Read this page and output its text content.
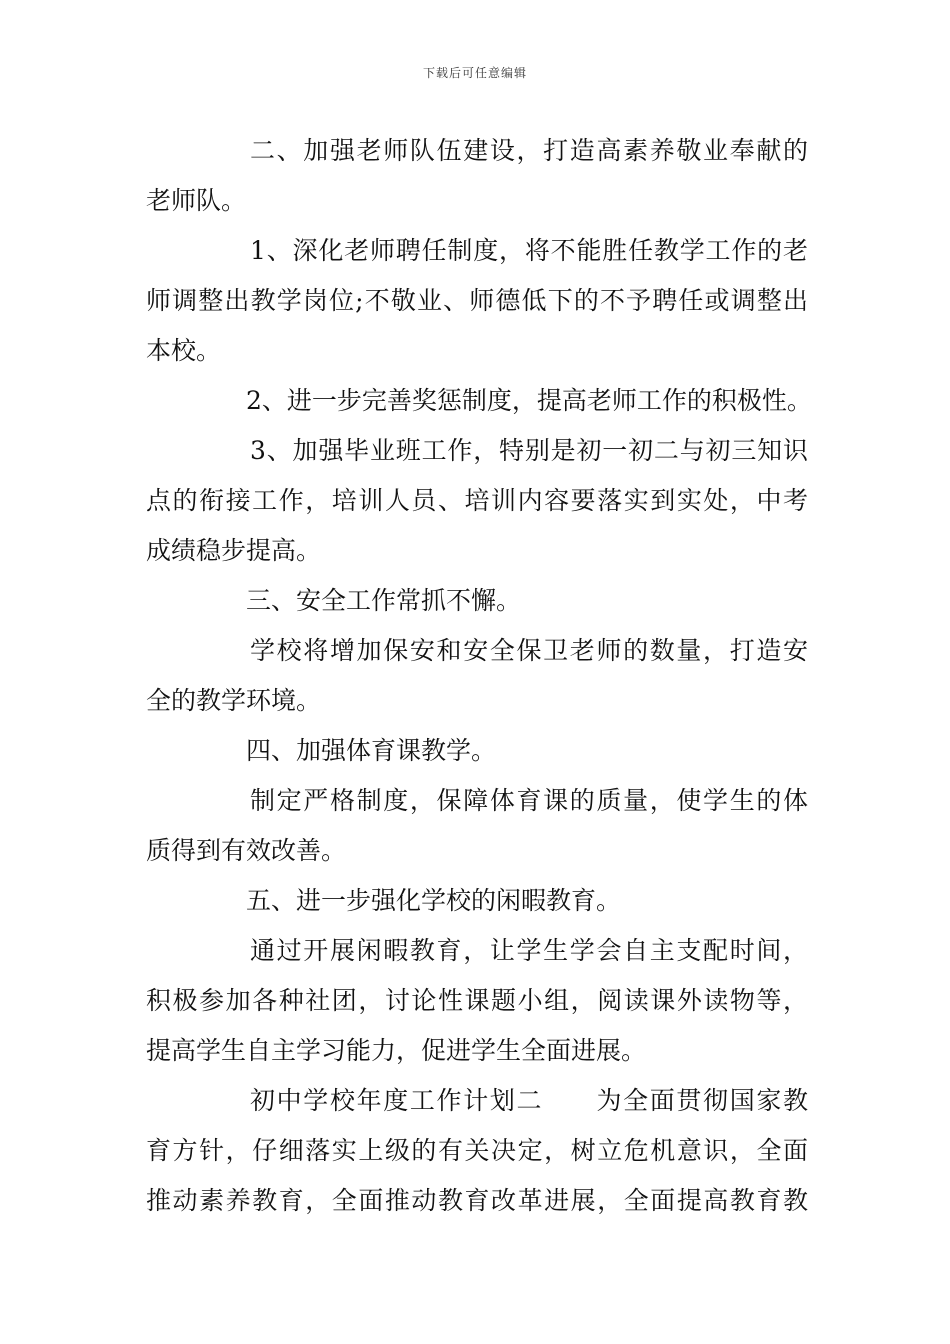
下载后可任意编辑
二、加强老师队伍建设，打造高素养敬业奉献的
老师队。
1、深化老师聘任制度，将不能胜任教学工作的老
师调整出教学岗位;不敬业、师德低下的不予聘任或调整出
本校。
2、进一步完善奖惩制度，提高老师工作的积极性。
3、加强毕业班工作，特别是初一初二与初三知识
点的衔接工作，培训人员、培训内容要落实到实处，中考
成绩稳步提高。
三、安全工作常抓不懈。
学校将增加保安和安全保卫老师的数量，打造安
全的教学环境。
四、加强体育课教学。
制定严格制度，保障体育课的质量，使学生的体
质得到有效改善。
五、进一步强化学校的闲暇教育。
通过开展闲暇教育，让学生学会自主支配时间，
积极参加各种社团，讨论性课题小组，阅读课外读物等，
提高学生自主学习能力，促进学生全面进展。
初中学校年度工作计划二　　为全面贯彻国家教
育方针，仔细落实上级的有关决定，树立危机意识，全面
推动素养教育，全面推动教育改革进展，全面提高教育教
